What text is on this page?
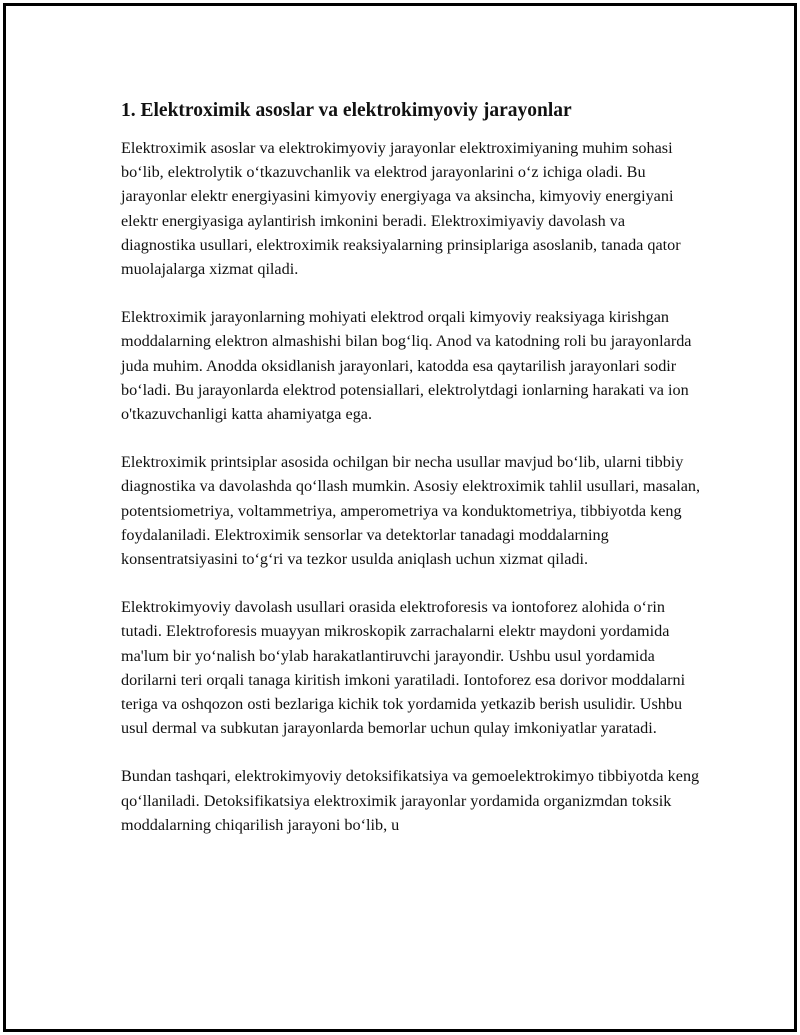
1. Elektroximik asoslar va elektrokimyoviy jarayonlar

Elektroximik asoslar va elektrokimyoviy jarayonlar elektroximiyaning muhim sohasi bo‘lib, elektrolytik o‘tkazuvchanlik va elektrod jarayonlarini o‘z ichiga oladi. Bu jarayonlar elektr energiyasini kimyoviy energiyaga va aksincha, kimyoviy energiyani elektr energiyasiga aylantirish imkonini beradi. Elektroximiyaviy davolash va diagnostika usullari, elektroximik reaksiyalarning prinsiplariga asoslanib, tanada qator muolajalarga xizmat qiladi.

Elektroximik jarayonlarning mohiyati elektrod orqali kimyoviy reaksiyaga kirishgan moddalarning elektron almashishi bilan bog‘liq. Anod va katodning roli bu jarayonlarda juda muhim. Anodda oksidlanish jarayonlari, katodda esa qaytarilish jarayonlari sodir bo‘ladi. Bu jarayonlarda elektrod potensiallari, elektrolytdagi ionlarning harakati va ion o'tkazuvchanligi katta ahamiyatga ega.

Elektroximik printsiplar asosida ochilgan bir necha usullar mavjud bo‘lib, ularni tibbiy diagnostika va davolashda qo‘llash mumkin. Asosiy elektroximik tahlil usullari, masalan, potentsiometriya, voltammetriya, amperometriya va konduktometriya, tibbiyotda keng foydalaniladi. Elektroximik sensorlar va detektorlar tanadagi moddalarning konsentratsiyasini to‘g‘ri va tezkor usulda aniqlash uchun xizmat qiladi.

Elektrokimyoviy davolash usullari orasida elektroforesis va iontoforez alohida o‘rin tutadi. Elektroforesis muayyan mikroskopik zarrachalarni elektr maydoni yordamida ma'lum bir yo‘nalish bo‘ylab harakatlantiruvchi jarayondir. Ushbu usul yordamida dorilarni teri orqali tanaga kiritish imkoni yaratiladi. Iontoforez esa dorivor moddalarni teriga va oshqozon osti bezlariga kichik tok yordamida yetkazib berish usulidir. Ushbu usul dermal va subkutan jarayonlarda bemorlar uchun qulay imkoniyatlar yaratadi.

Bundan tashqari, elektrokimyoviy detoksifikatsiya va gemoelektrokimyo tibbiyotda keng qo‘llaniladi. Detoksifikatsiya elektroximik jarayonlar yordamida organizmdan toksik moddalarning chiqarilish jarayoni bo‘lib, u
